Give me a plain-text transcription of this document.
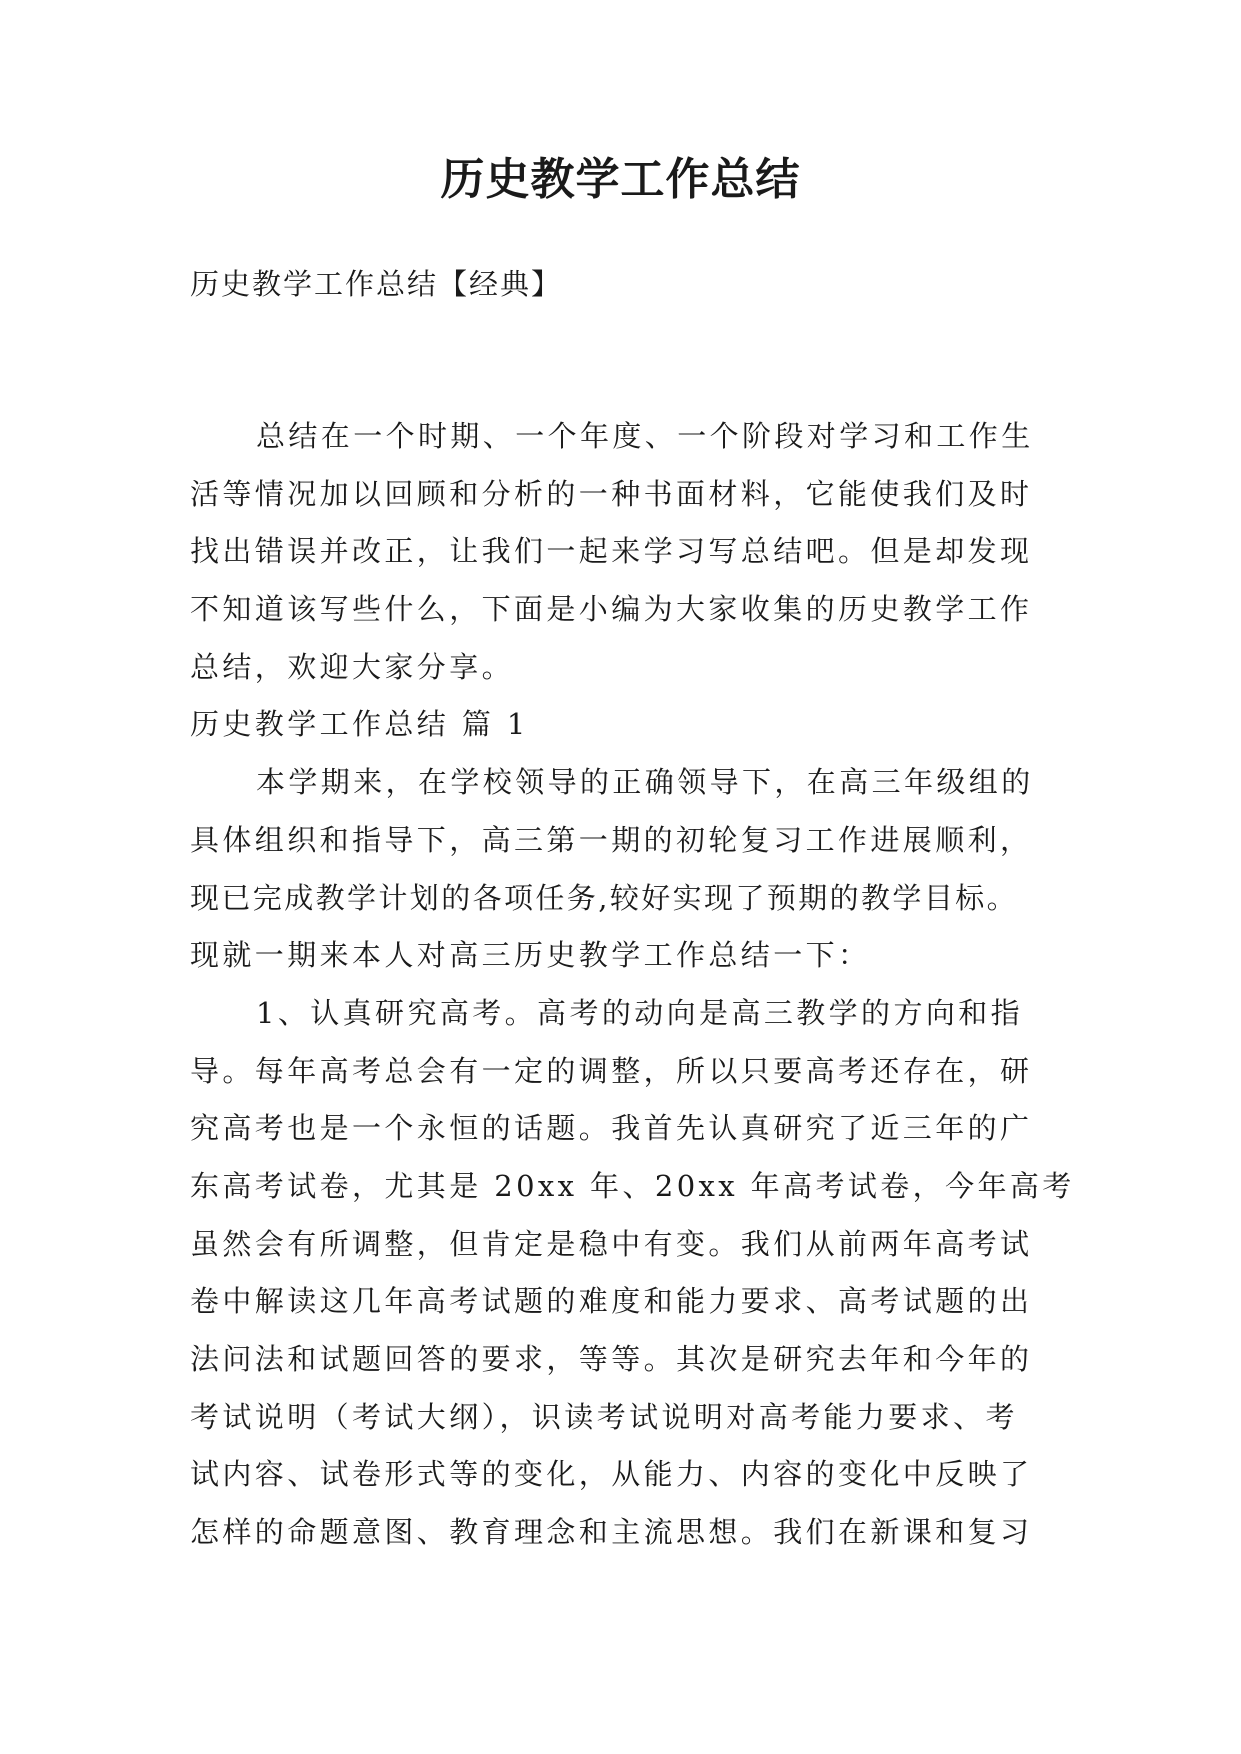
历史教学工作总结

历史教学工作总结【经典】

总结在一个时期、一个年度、一个阶段对学习和工作生
活等情况加以回顾和分析的一种书面材料，它能使我们及时
找出错误并改正，让我们一起来学习写总结吧。但是却发现
不知道该写些什么，下面是小编为大家收集的历史教学工作
总结，欢迎大家分享。
历史教学工作总结 篇 1
本学期来，在学校领导的正确领导下，在高三年级组的
具体组织和指导下，高三第一期的初轮复习工作进展顺利，
现已完成教学计划的各项任务,较好实现了预期的教学目标。
现就一期来本人对高三历史教学工作总结一下：
1、认真研究高考。高考的动向是高三教学的方向和指
导。每年高考总会有一定的调整，所以只要高考还存在，研
究高考也是一个永恒的话题。我首先认真研究了近三年的广
东高考试卷，尤其是 20xx 年、20xx 年高考试卷，今年高考
虽然会有所调整，但肯定是稳中有变。我们从前两年高考试
卷中解读这几年高考试题的难度和能力要求、高考试题的出
法问法和试题回答的要求，等等。其次是研究去年和今年的
考试说明（考试大纲），识读考试说明对高考能力要求、考
试内容、试卷形式等的变化，从能力、内容的变化中反映了
怎样的命题意图、教育理念和主流思想。我们在新课和复习
